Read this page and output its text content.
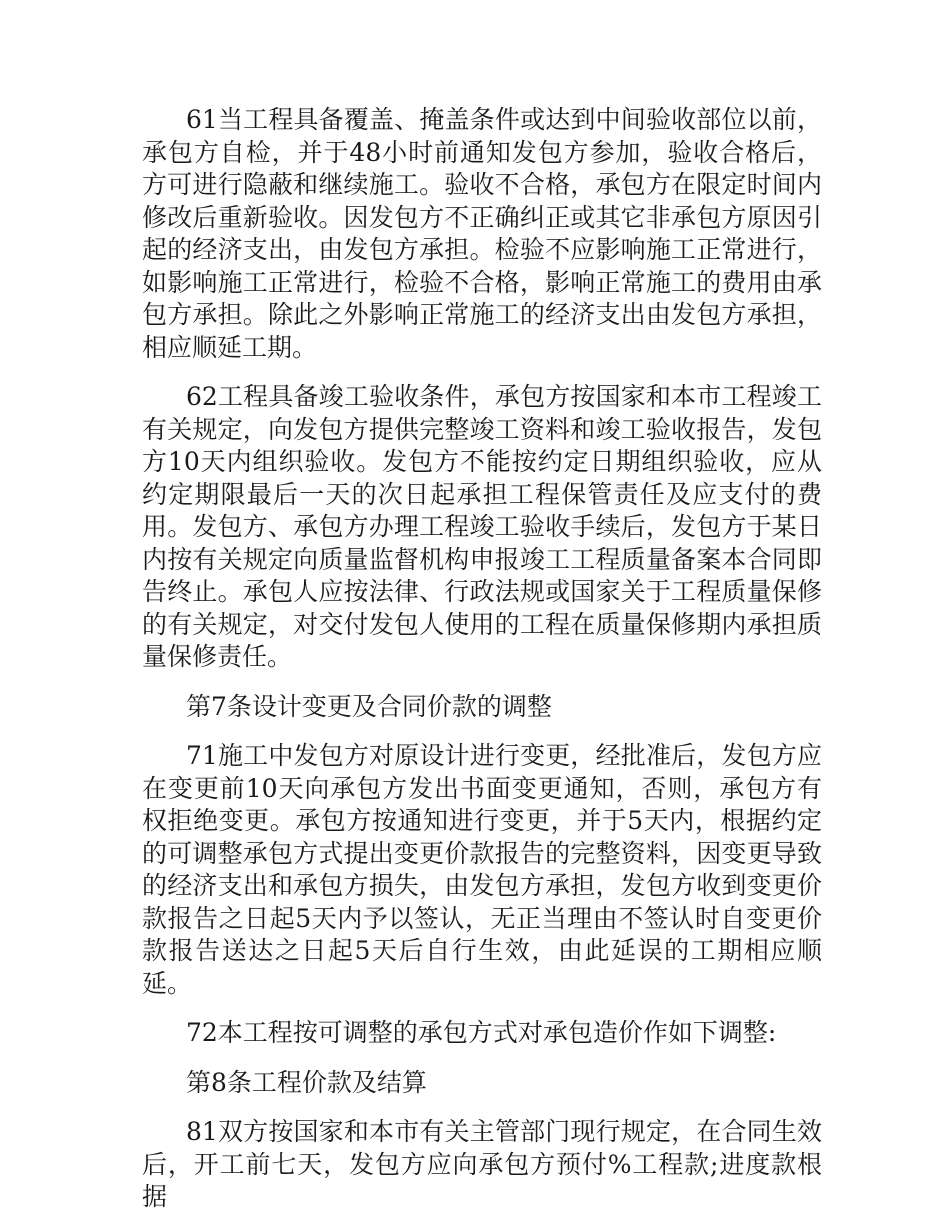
61当工程具备覆盖、掩盖条件或达到中间验收部位以前，承包方自检，并于48小时前通知发包方参加，验收合格后，方可进行隐蔽和继续施工。验收不合格，承包方在限定时间内修改后重新验收。因发包方不正确纠正或其它非承包方原因引起的经济支出，由发包方承担。检验不应影响施工正常进行，如影响施工正常进行，检验不合格，影响正常施工的费用由承包方承担。除此之外影响正常施工的经济支出由发包方承担，相应顺延工期。

62工程具备竣工验收条件，承包方按国家和本市工程竣工有关规定，向发包方提供完整竣工资料和竣工验收报告，发包方10天内组织验收。发包方不能按约定日期组织验收，应从约定期限最后一天的次日起承担工程保管责任及应支付的费用。发包方、承包方办理工程竣工验收手续后，发包方于某日内按有关规定向质量监督机构申报竣工工程质量备案本合同即告终止。承包人应按法律、行政法规或国家关于工程质量保修的有关规定，对交付发包人使用的工程在质量保修期内承担质量保修责任。

第7条设计变更及合同价款的调整

71施工中发包方对原设计进行变更，经批准后，发包方应在变更前10天向承包方发出书面变更通知，否则，承包方有权拒绝变更。承包方按通知进行变更，并于5天内，根据约定的可调整承包方式提出变更价款报告的完整资料，因变更导致的经济支出和承包方损失，由发包方承担，发包方收到变更价款报告之日起5天内予以签认，无正当理由不签认时自变更价款报告送达之日起5天后自行生效，由此延误的工期相应顺延。

72本工程按可调整的承包方式对承包造价作如下调整:

第8条工程价款及结算

81双方按国家和本市有关主管部门现行规定，在合同生效后，开工前七天，发包方应向承包方预付%工程款;进度款根据
